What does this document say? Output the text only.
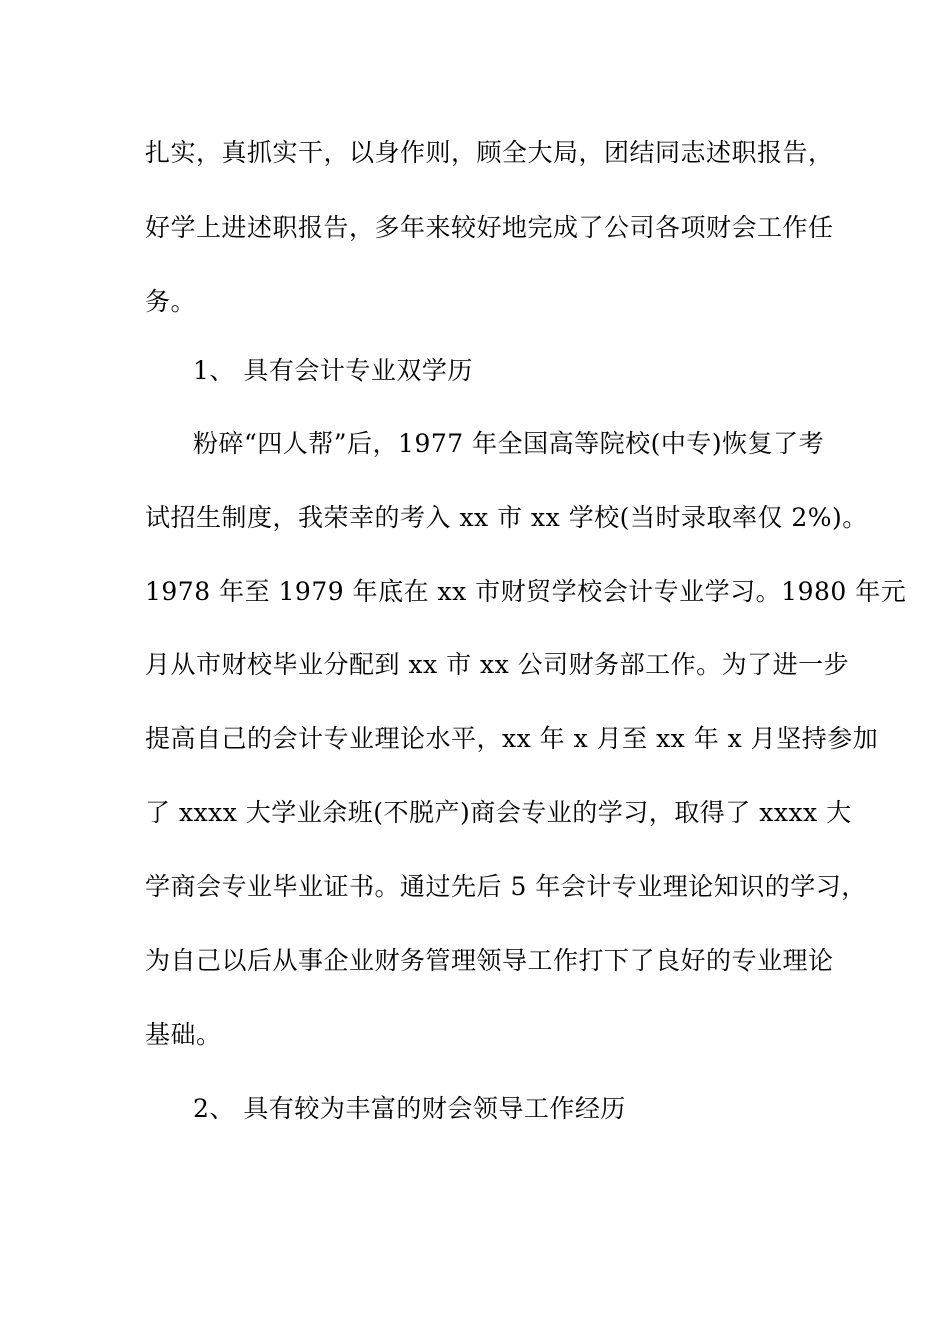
扎实，真抓实干，以身作则，顾全大局，团结同志述职报告，
好学上进述职报告，多年来较好地完成了公司各项财会工作任
务。
1、 具有会计专业双学历
粉碎“四人帮”后，1977 年全国高等院校(中专)恢复了考
试招生制度，我荣幸的考入 xx 市 xx 学校(当时录取率仅 2%)。
1978 年至 1979 年底在 xx 市财贸学校会计专业学习。1980 年元
月从市财校毕业分配到 xx 市 xx 公司财务部工作。为了进一步
提高自己的会计专业理论水平，xx 年 x 月至 xx 年 x 月坚持参加
了 xxxx 大学业余班(不脱产)商会专业的学习，取得了 xxxx 大
学商会专业毕业证书。通过先后 5 年会计专业理论知识的学习，
为自己以后从事企业财务管理领导工作打下了良好的专业理论
基础。
2、 具有较为丰富的财会领导工作经历
